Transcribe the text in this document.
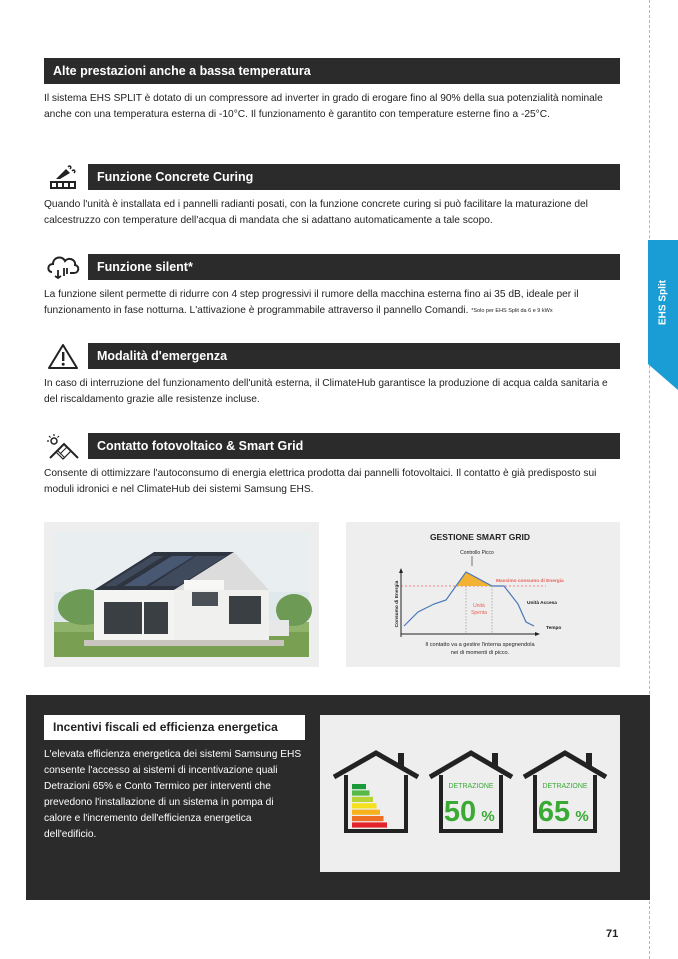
Alte prestazioni anche a bassa temperatura

Il sistema EHS SPLIT è dotato di un compressore ad inverter in grado di erogare fino al 90% della sua potenzialità nominale anche con una temperatura esterna di -10°C. Il funzionamento è garantito con temperature esterne fino a -25°C.

Funzione Concrete Curing

Quando l'unità è installata ed i pannelli radianti posati, con la funzione concrete curing si può facilitare la maturazione del calcestruzzo con temperature dell'acqua di mandata che si adattano automaticamente a tale scopo.

Funzione silent*

La funzione silent permette di ridurre con 4 step progressivi il rumore della macchina esterna fino ai 35 dB, ideale per il funzionamento in fase notturna. L'attivazione è programmabile attraverso il pannello Comandi. *Solo per EHS Split da 6 e 9 kWx

Modalità d'emergenza

In caso di interruzione del funzionamento dell'unità esterna, il ClimateHub garantisce la produzione di acqua calda sanitaria e del riscaldamento grazie alle resistenze incluse.

Contatto fotovoltaico & Smart Grid

Consente di ottimizzare l'autoconsumo di energia elettrica prodotta dai pannelli fotovoltaici. Il contatto è già predisposto sui moduli idronici e nel ClimateHub dei sistemi Samsung EHS.

EHS Split
GESTIONE SMART GRID
Controllo Picco
Consumo di Energia	Unità
Spenta
Massimo consumo di Energia
Unità Accesa
Tempo
Il contatto va a gestire l'interna spegnendola
nei di momenti di picco.
Incentivi fiscali ed efficienza energetica

L'elevata efficienza energetica dei sistemi Samsung EHS consente l'accesso ai sistemi di incentivazione quali Detrazioni 65% e Conto Termico per interventi che prevedono l'installazione di un sistema in pompa di calore e l'incremento dell'efficienza energetica dell'edificio.

DETRAZIONE
50 %
DETRAZIONE
65 %
71
